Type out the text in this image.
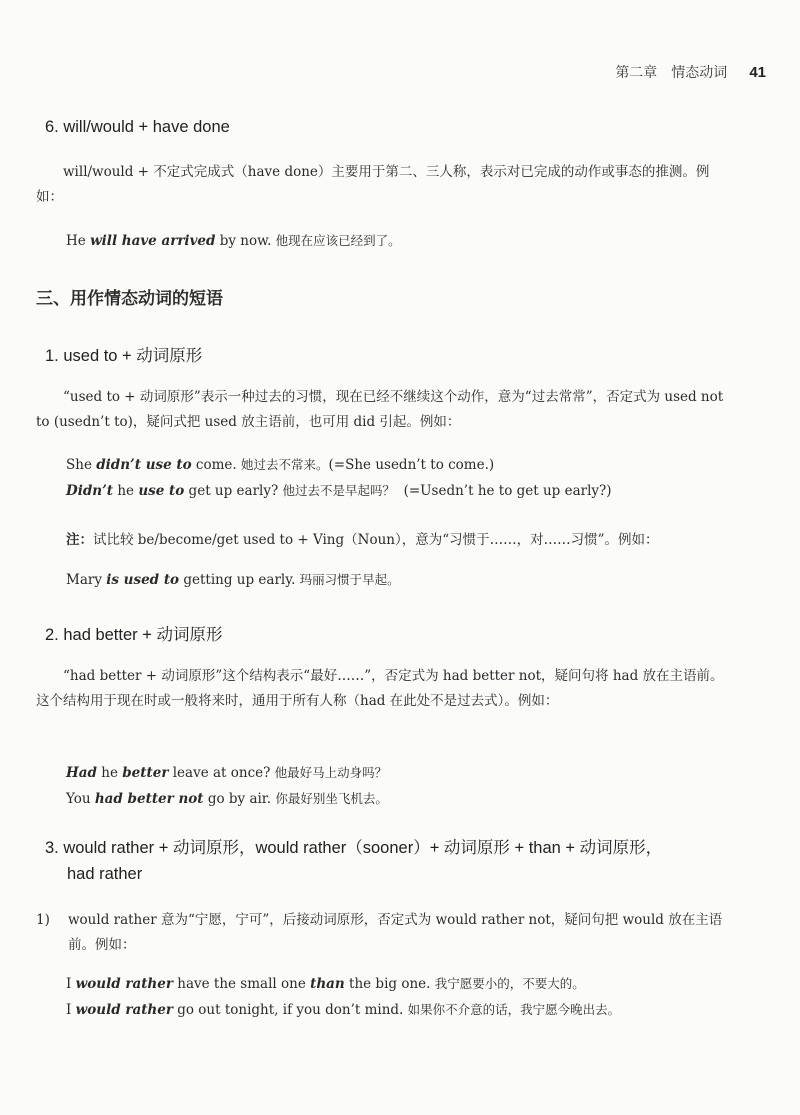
第二章　情态动词 41
6. will/would + have done
will/would + 不定式完成式（have done）主要用于第二、三人称，表示对已完成的动作或事态的推测。例如：
He will have arrived by now. 他现在应该已经到了。
三、用作情态动词的短语
1. used to + 动词原形
“used to + 动词原形”表示一种过去的习惯，现在已经不继续这个动作，意为“过去常常”，否定式为 used not to (usedn’t to)，疑问式把 used 放主语前，也可用 did 引起。例如：
She didn’t use to come. 她过去不常来。(=She usedn’t to come.)
Didn’t he use to get up early? 他过去不是早起吗？  (=Usedn’t he to get up early?)
注：试比较 be/become/get used to + Ving（Noun），意为“习惯于……，对……习惯”。例如：
Mary is used to getting up early. 玛丽习惯于早起。
2. had better + 动词原形
“had better + 动词原形”这个结构表示“最好……”，否定式为 had better not，疑问句将 had 放在主语前。这个结构用于现在时或一般将来时，通用于所有人称（had 在此处不是过去式）。例如：
Had he better leave at once? 他最好马上动身吗？
You had better not go by air. 你最好别坐飞机去。
3. would rather + 动词原形，would rather（sooner）+ 动词原形 + than + 动词原形，
had rather
1) would rather 意为“宁愿，宁可”，后接动词原形，否定式为 would rather not，疑问句把 would 放在主语前。例如：
I would rather have the small one than the big one. 我宁愿要小的，不要大的。
I would rather go out tonight, if you don’t mind. 如果你不介意的话，我宁愿今晚出去。
